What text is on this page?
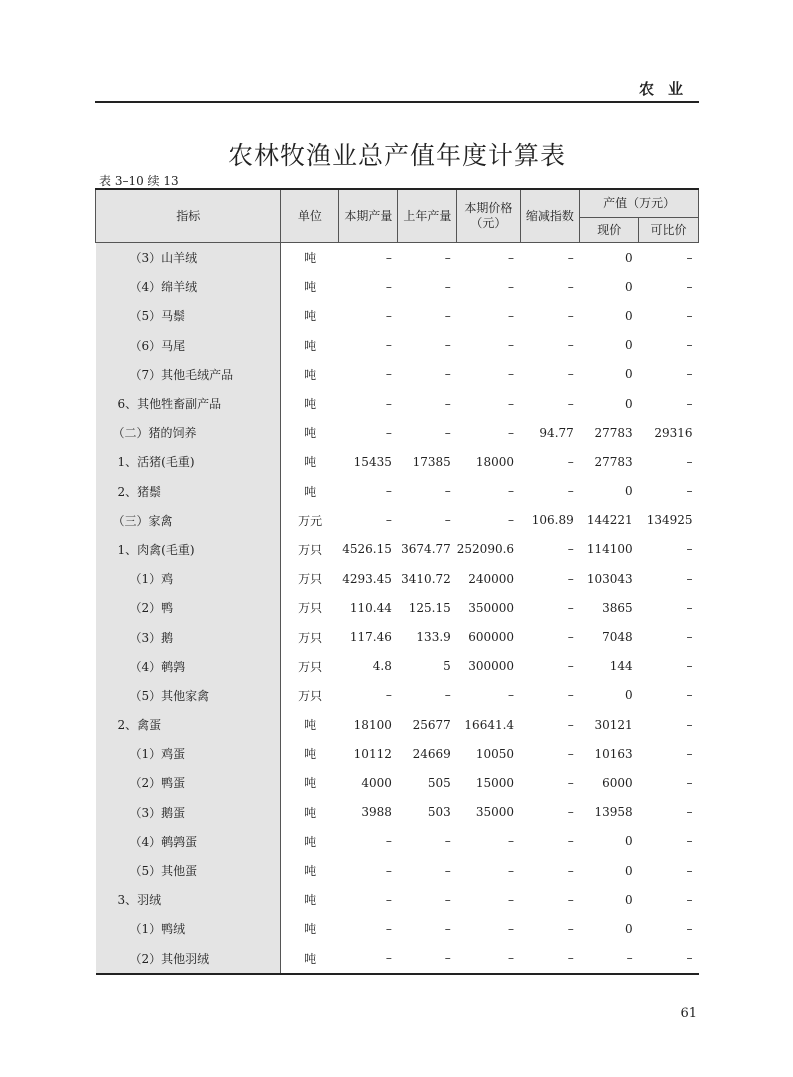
农业
农林牧渔业总产值年度计算表
表 3–10 续 13
指标	单位	本期产量	上年产量	本期价格（元）	缩减指数	产值（万元）	
						现价	可比价
（3）山羊绒	吨	–	–	–	–	0	–
（4）绵羊绒	吨	–	–	–	–	0	–
（5）马鬃	吨	–	–	–	–	0	–
（6）马尾	吨	–	–	–	–	0	–
（7）其他毛绒产品	吨	–	–	–	–	0	–
6、其他牲畜副产品	吨	–	–	–	–	0	–
（二）猪的饲养	吨	–	–	–	94.77	27783	29316
1、活猪(毛重)	吨	15435	17385	18000	–	27783	–
2、猪鬃	吨	–	–	–	–	0	–
（三）家禽	万元	–	–	–	106.89	144221	134925
1、肉禽(毛重)	万只	4526.15	3674.77	252090.6	–	114100	–
（1）鸡	万只	4293.45	3410.72	240000	–	103043	–
（2）鸭	万只	110.44	125.15	350000	–	3865	–
（3）鹅	万只	117.46	133.9	600000	–	7048	–
（4）鹌鹑	万只	4.8	5	300000	–	144	–
（5）其他家禽	万只	–	–	–	–	0	–
2、禽蛋	吨	18100	25677	16641.4	–	30121	–
（1）鸡蛋	吨	10112	24669	10050	–	10163	–
（2）鸭蛋	吨	4000	505	15000	–	6000	–
（3）鹅蛋	吨	3988	503	35000	–	13958	–
（4）鹌鹑蛋	吨	–	–	–	–	0	–
（5）其他蛋	吨	–	–	–	–	0	–
3、羽绒	吨	–	–	–	–	0	–
（1）鸭绒	吨	–	–	–	–	0	–
（2）其他羽绒	吨	–	–	–	–	–	–
61
